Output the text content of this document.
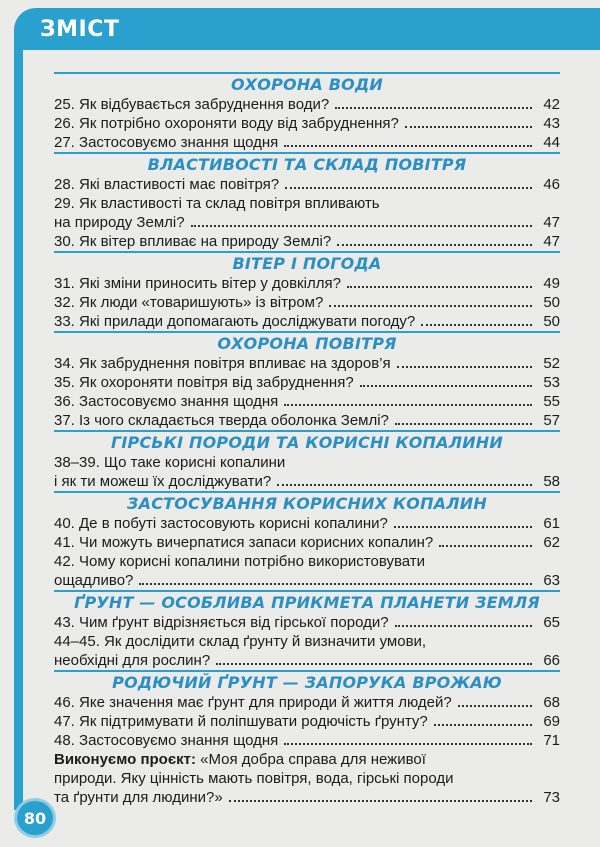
ЗМІСТ
ОХОРОНА ВОДИ
25. Як відбувається забруднення води?	42
26. Як потрібно охороняти воду від забруднення?	43
27. Застосовуємо знання щодня	44
ВЛАСТИВОСТІ ТА СКЛАД ПОВІТРЯ
28. Які властивості має повітря?	46
29. Як властивості та склад повітря впливають
на природу Землі?	47
30. Як вітер впливає на природу Землі?	47
ВІТЕР І ПОГОДА
31. Які зміни приносить вітер у довкілля?	49
32. Як люди «товаришують» із вітром?	50
33. Які прилади допомагають досліджувати погоду?	50
ОХОРОНА ПОВІТРЯ
34. Як забруднення повітря впливає на здоров’я	52
35. Як охороняти повітря від забруднення?	53
36. Застосовуємо знання щодня	55
37. Із чого складається тверда оболонка Землі?	57
ГІРСЬКІ ПОРОДИ ТА КОРИСНІ КОПАЛИНИ
38–39. Що таке корисні копалини
і як ти можеш їх досліджувати?	58
ЗАСТОСУВАННЯ КОРИСНИХ КОПАЛИН
40. Де в побуті застосовують корисні копалини?	61
41. Чи можуть вичерпатися запаси корисних копалин?	62
42. Чому корисні копалини потрібно використовувати
ощадливо?	63
ҐРУНТ — ОСОБЛИВА ПРИКМЕТА ПЛАНЕТИ ЗЕМЛЯ
43. Чим ґрунт відрізняється від гірської породи?	65
44–45. Як дослідити склад ґрунту й визначити умови,
необхідні для рослин?	66
РОДЮЧИЙ ҐРУНТ — ЗАПОРУКА ВРОЖАЮ
46. Яке значення має ґрунт для природи й життя людей?	68
47. Як підтримувати й поліпшувати родючість ґрунту?	69
48. Застосовуємо знання щодня	71
Виконуємо проєкт: «Моя добра справа для неживої
природи. Яку цінність мають повітря, вода, гірські породи
та ґрунти для людини?»	73
80
